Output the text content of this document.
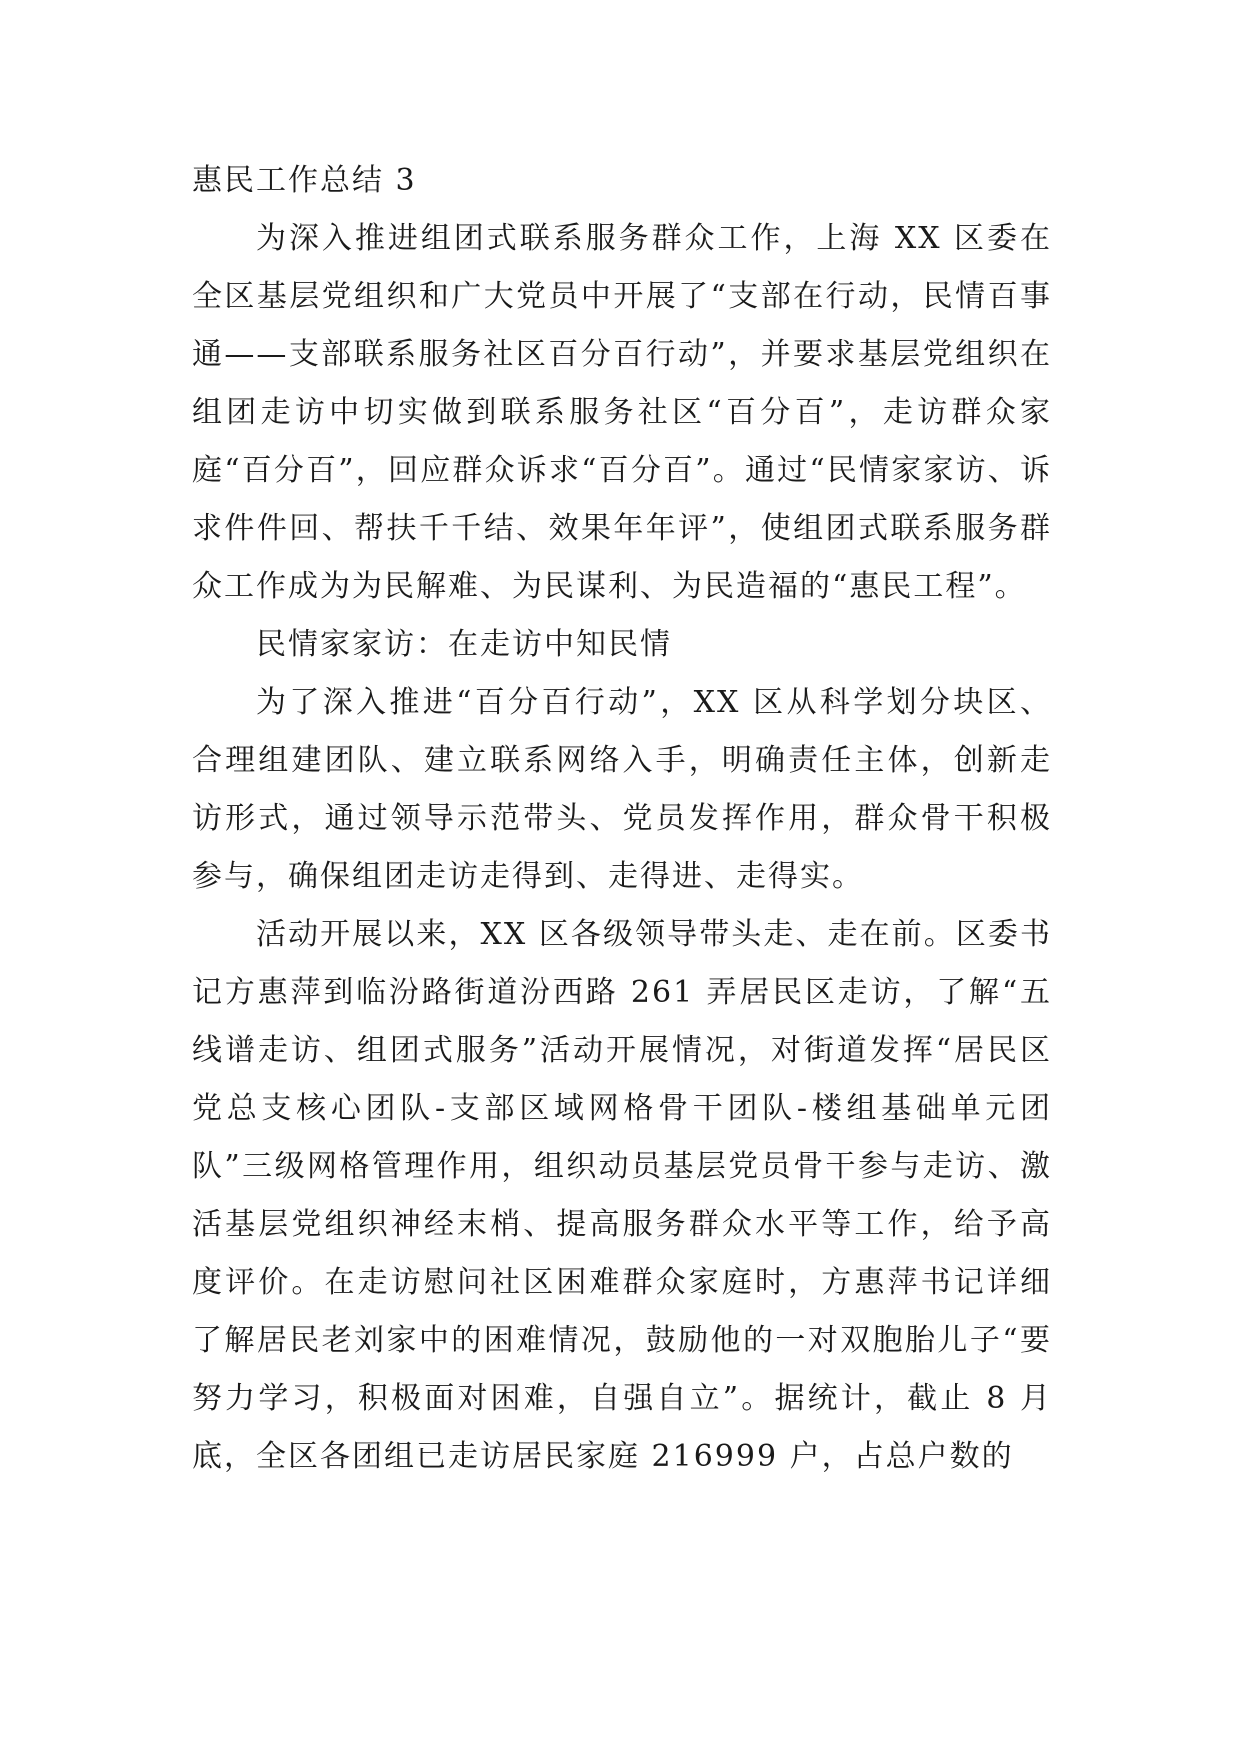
惠民工作总结 3

为深入推进组团式联系服务群众工作，上海 XX 区委在全区基层党组织和广大党员中开展了“支部在行动，民情百事通——支部联系服务社区百分百行动”，并要求基层党组织在组团走访中切实做到联系服务社区“百分百”，走访群众家庭“百分百”，回应群众诉求“百分百”。通过“民情家家访、诉求件件回、帮扶千千结、效果年年评”，使组团式联系服务群众工作成为为民解难、为民谋利、为民造福的“惠民工程”。

民情家家访：在走访中知民情

为了深入推进“百分百行动”，XX 区从科学划分块区、合理组建团队、建立联系网络入手，明确责任主体，创新走访形式，通过领导示范带头、党员发挥作用，群众骨干积极参与，确保组团走访走得到、走得进、走得实。

活动开展以来，XX 区各级领导带头走、走在前。区委书记方惠萍到临汾路街道汾西路 261 弄居民区走访，了解“五线谱走访、组团式服务”活动开展情况，对街道发挥“居民区党总支核心团队-支部区域网格骨干团队-楼组基础单元团队”三级网格管理作用，组织动员基层党员骨干参与走访、激活基层党组织神经末梢、提高服务群众水平等工作，给予高度评价。在走访慰问社区困难群众家庭时，方惠萍书记详细了解居民老刘家中的困难情况，鼓励他的一对双胞胎儿子“要努力学习，积极面对困难，自强自立”。据统计，截止 8 月底，全区各团组已走访居民家庭 216999 户，占总户数的
